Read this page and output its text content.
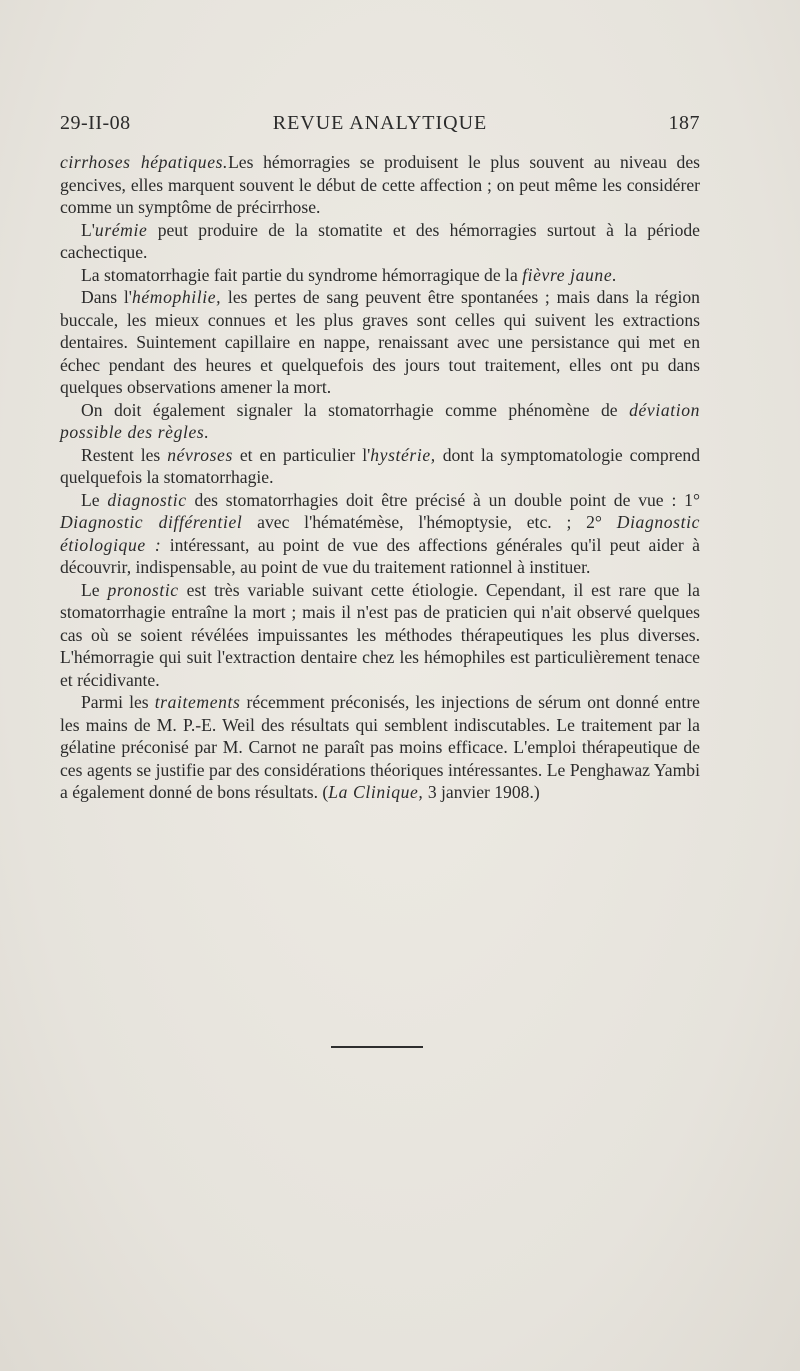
29-II-08	REVUE ANALYTIQUE	187

cirrhoses hépatiques.Les hémorragies se produisent le plus souvent au niveau des gencives, elles marquent souvent le début de cette affection ; on peut même les considérer comme un symptôme de précirrhose.

L'urémie peut produire de la stomatite et des hémorragies surtout à la période cachectique.

La stomatorrhagie fait partie du syndrome hémorragique de la fièvre jaune.

Dans l'hémophilie, les pertes de sang peuvent être spontanées ; mais dans la région buccale, les mieux connues et les plus graves sont celles qui suivent les extractions dentaires. Suintement capillaire en nappe, renaissant avec une persistance qui met en échec pendant des heures et quelquefois des jours tout traitement, elles ont pu dans quelques observations amener la mort.

On doit également signaler la stomatorrhagie comme phénomène de déviation possible des règles.

Restent les névroses et en particulier l'hystérie, dont la symptomatologie comprend quelquefois la stomatorrhagie.

Le diagnostic des stomatorrhagies doit être précisé à un double point de vue : 1° Diagnostic différentiel avec l'hématémèse, l'hémoptysie, etc. ; 2° Diagnostic étiologique : intéressant, au point de vue des affections générales qu'il peut aider à découvrir, indispensable, au point de vue du traitement rationnel à instituer.

Le pronostic est très variable suivant cette étiologie. Cependant, il est rare que la stomatorrhagie entraîne la mort ; mais il n'est pas de praticien qui n'ait observé quelques cas où se soient révélées impuissantes les méthodes thérapeutiques les plus diverses. L'hémorragie qui suit l'extraction dentaire chez les hémophiles est particulièrement tenace et récidivante.

Parmi les traitements récemment préconisés, les injections de sérum ont donné entre les mains de M. P.-E. Weil des résultats qui semblent indiscutables. Le traitement par la gélatine préconisé par M. Carnot ne paraît pas moins efficace. L'emploi thérapeutique de ces agents se justifie par des considérations théoriques intéressantes. Le Penghawaz Yambi a également donné de bons résultats. (La Clinique, 3 janvier 1908.)
